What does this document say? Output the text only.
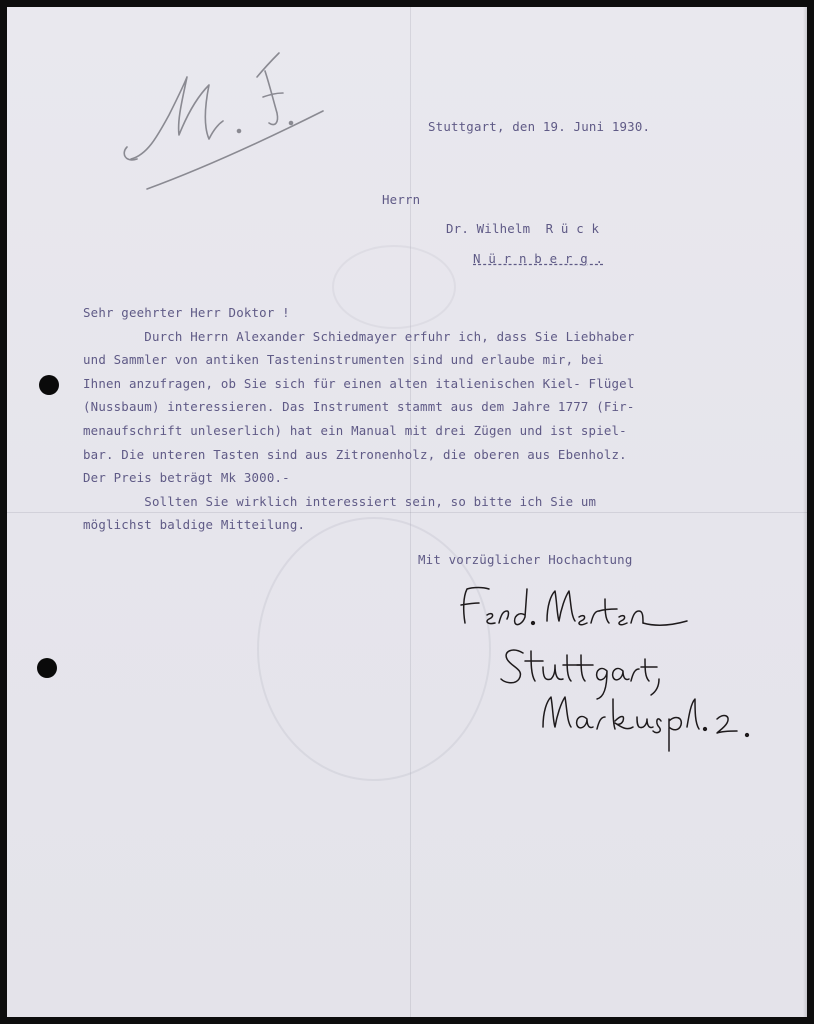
Stuttgart, den 19. Juni 1930.
Herrn
Dr. Wilhelm  R ü c k
N ü r n b e r g .
Sehr geehrter Herr Doktor !
Durch Herrn Alexander Schiedmayer erfuhr ich, dass Sie Liebhaber
und Sammler von antiken Tasteninstrumenten sind und erlaube mir, bei
Ihnen anzufragen, ob Sie sich für einen alten italienischen Kiel- Flügel
(Nussbaum) interessieren. Das Instrument stammt aus dem Jahre 1777 (Fir-
menaufschrift unleserlich) hat ein Manual mit drei Zügen und ist spiel-
bar. Die unteren Tasten sind aus Zitronenholz, die oberen aus Ebenholz.
Der Preis beträgt Mk 3000.-
Sollten Sie wirklich interessiert sein, so bitte ich Sie um
möglichst baldige Mitteilung.
Mit vorzüglicher Hochachtung
